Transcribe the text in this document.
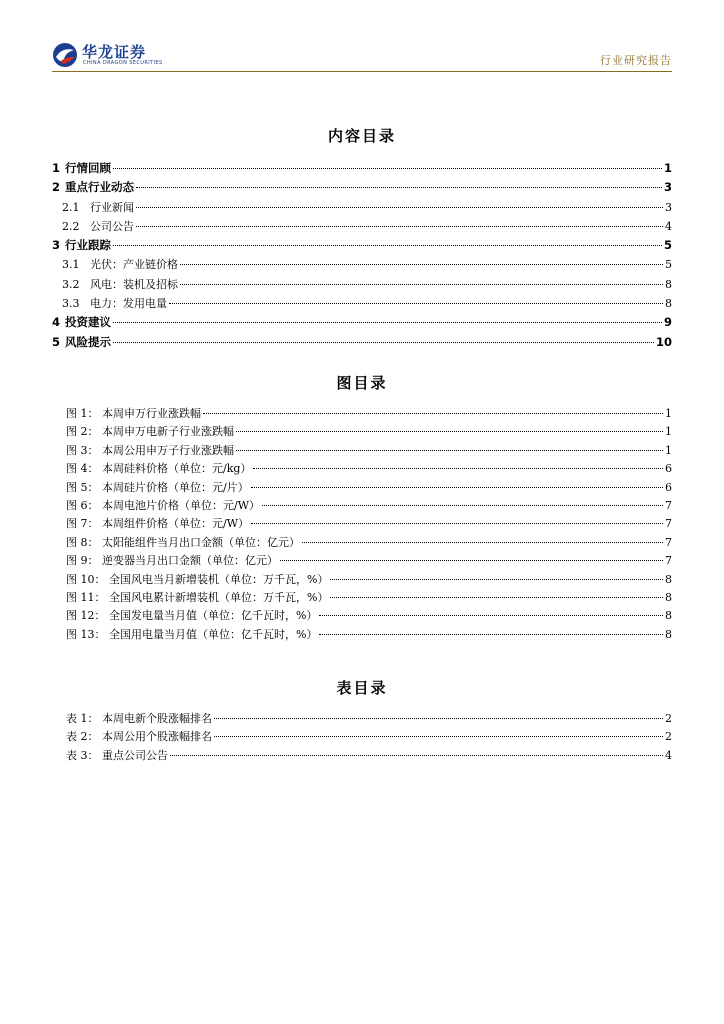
华龙证券
CHINA DRAGON SECURITIES	行业研究报告
内容目录
1 行情回顾	1
2 重点行业动态	3
2.1 行业新闻	3
2.2 公司公告	4
3 行业跟踪	5
3.1 光伏：产业链价格	5
3.2 风电：装机及招标	8
3.3 电力：发用电量	8
4 投资建议	9
5 风险提示	10
图目录
图 1： 本周申万行业涨跌幅	1
图 2： 本周申万电新子行业涨跌幅	1
图 3： 本周公用申万子行业涨跌幅	1
图 4： 本周硅料价格（单位：元/kg）	6
图 5： 本周硅片价格（单位：元/片）	6
图 6： 本周电池片价格（单位：元/W）	7
图 7： 本周组件价格（单位：元/W）	7
图 8： 太阳能组件当月出口金额（单位：亿元）	7
图 9： 逆变器当月出口金额（单位：亿元）	7
图 10： 全国风电当月新增装机（单位：万千瓦，%）	8
图 11： 全国风电累计新增装机（单位：万千瓦，%）	8
图 12： 全国发电量当月值（单位：亿千瓦时，%）	8
图 13： 全国用电量当月值（单位：亿千瓦时，%）	8
表目录
表 1： 本周电新个股涨幅排名	2
表 2： 本周公用个股涨幅排名	2
表 3： 重点公司公告	4
